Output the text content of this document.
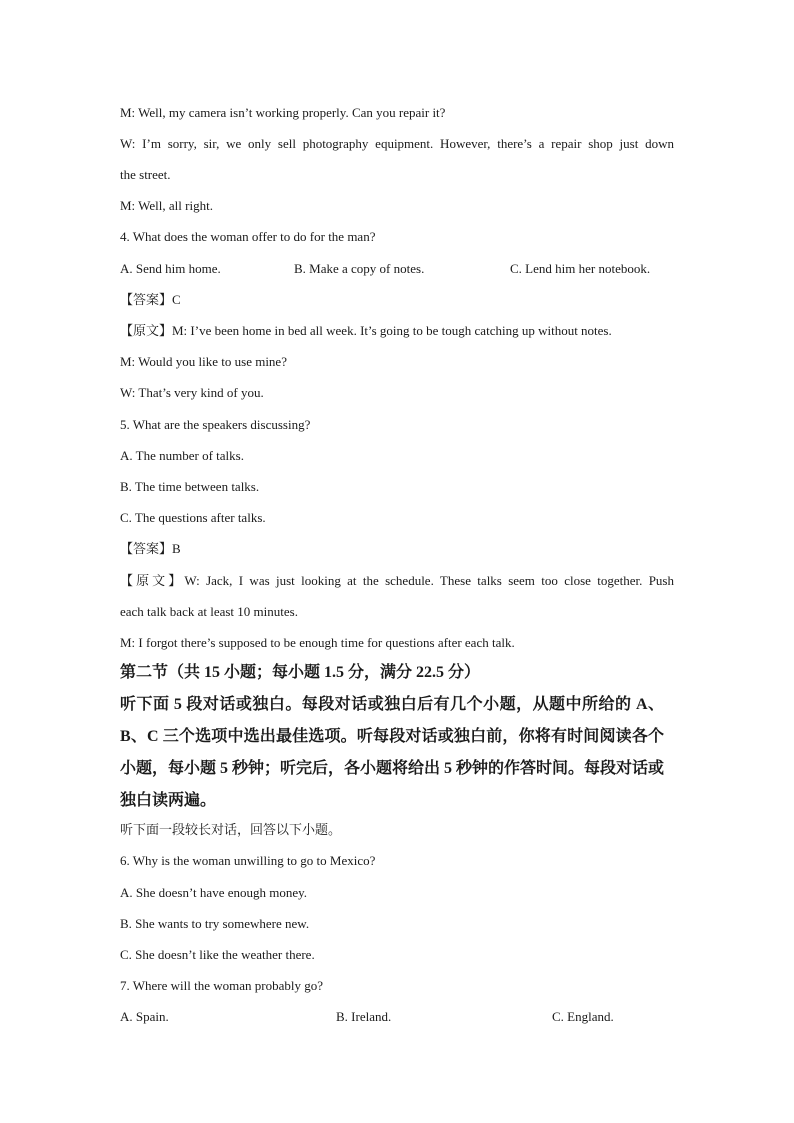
M: Well, my camera isn’t working properly. Can you repair it?
W: I’m sorry, sir, we only sell photography equipment. However, there’s a repair shop just down
the street.
M: Well, all right.
4. What does the woman offer to do for the man?
A. Send him home.	B. Make a copy of notes.	C. Lend him her notebook.
【答案】C
【原文】M: I’ve been home in bed all week. It’s going to be tough catching up without notes.
M: Would you like to use mine?
W: That’s very kind of you.
5. What are the speakers discussing?
A. The number of talks.
B. The time between talks.
C. The questions after talks.
【答案】B
【原文】W: Jack, I was just looking at the schedule. These talks seem too close together. Push
each talk back at least 10 minutes.
M: I forgot there’s supposed to be enough time for questions after each talk.
第二节（共 15 小题；每小题 1.5 分，满分 22.5 分）
听下面 5 段对话或独白。每段对话或独白后有几个小题，从题中所给的 A、
B、C 三个选项中选出最佳选项。听每段对话或独白前，你将有时间阅读各个
小题，每小题 5 秒钟；听完后，各小题将给出 5 秒钟的作答时间。每段对话或
独白读两遍。
听下面一段较长对话，回答以下小题。
6. Why is the woman unwilling to go to Mexico?
A. She doesn’t have enough money.
B. She wants to try somewhere new.
C. She doesn’t like the weather there.
7. Where will the woman probably go?
A. Spain.	B. Ireland.	C. England.
